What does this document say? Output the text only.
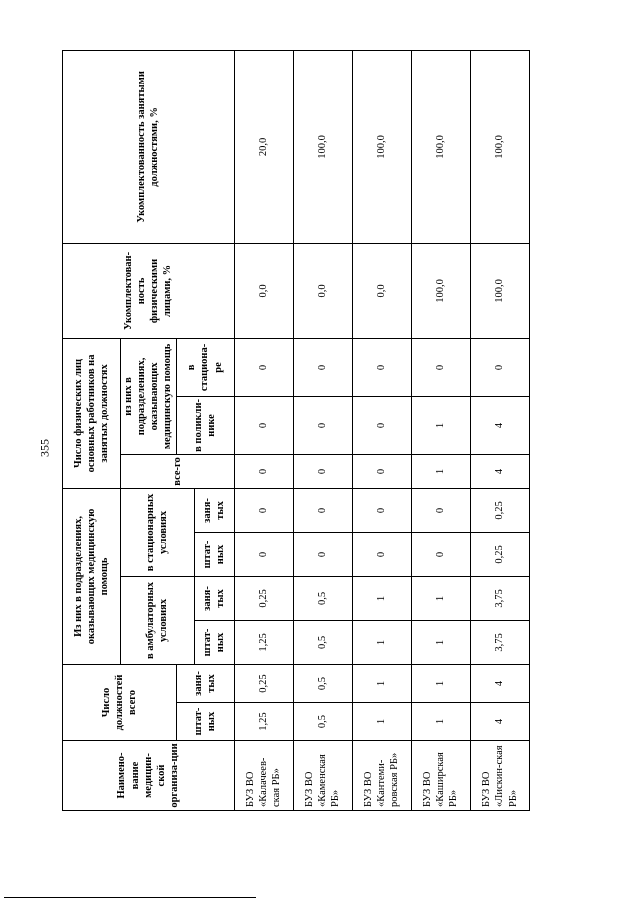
355
Наимено-вание медицин-ской организа-ции	Число должностей всего		Из них в подразделениях, оказывающих медицинскую помощь				Число физических лиц основных работников на занятых должностях			Укомплектован-ность физическими лицами, %	Укомплектованность занятыми должностями, %
			в амбулаторных условиях		в стационарных условиях		все-го	из них в подразделениях, оказывающих медицинскую помощь			
	штат-ных	заня-тых						в поликли-нике	в стациона-ре		
			штат-ных	заня-тых	штат-ных	заня-тых					
БУЗ ВО «Калачеев-ская РБ»	1,25	0,25	1,25	0,25	0	0	0	0	0	0,0	20,0
БУЗ ВО «Каменская РБ»	0,5	0,5	0,5	0,5	0	0	0	0	0	0,0	100,0
БУЗ ВО «Кантеми-ровская РБ»	1	1	1	1	0	0	0	0	0	0,0	100,0
БУЗ ВО «Каширская РБ»	1	1	1	1	0	0	1	1	0	100,0	100,0
БУЗ ВО «Лискин-ская РБ»	4	4	3,75	3,75	0,25	0,25	4	4	0	100,0	100,0
